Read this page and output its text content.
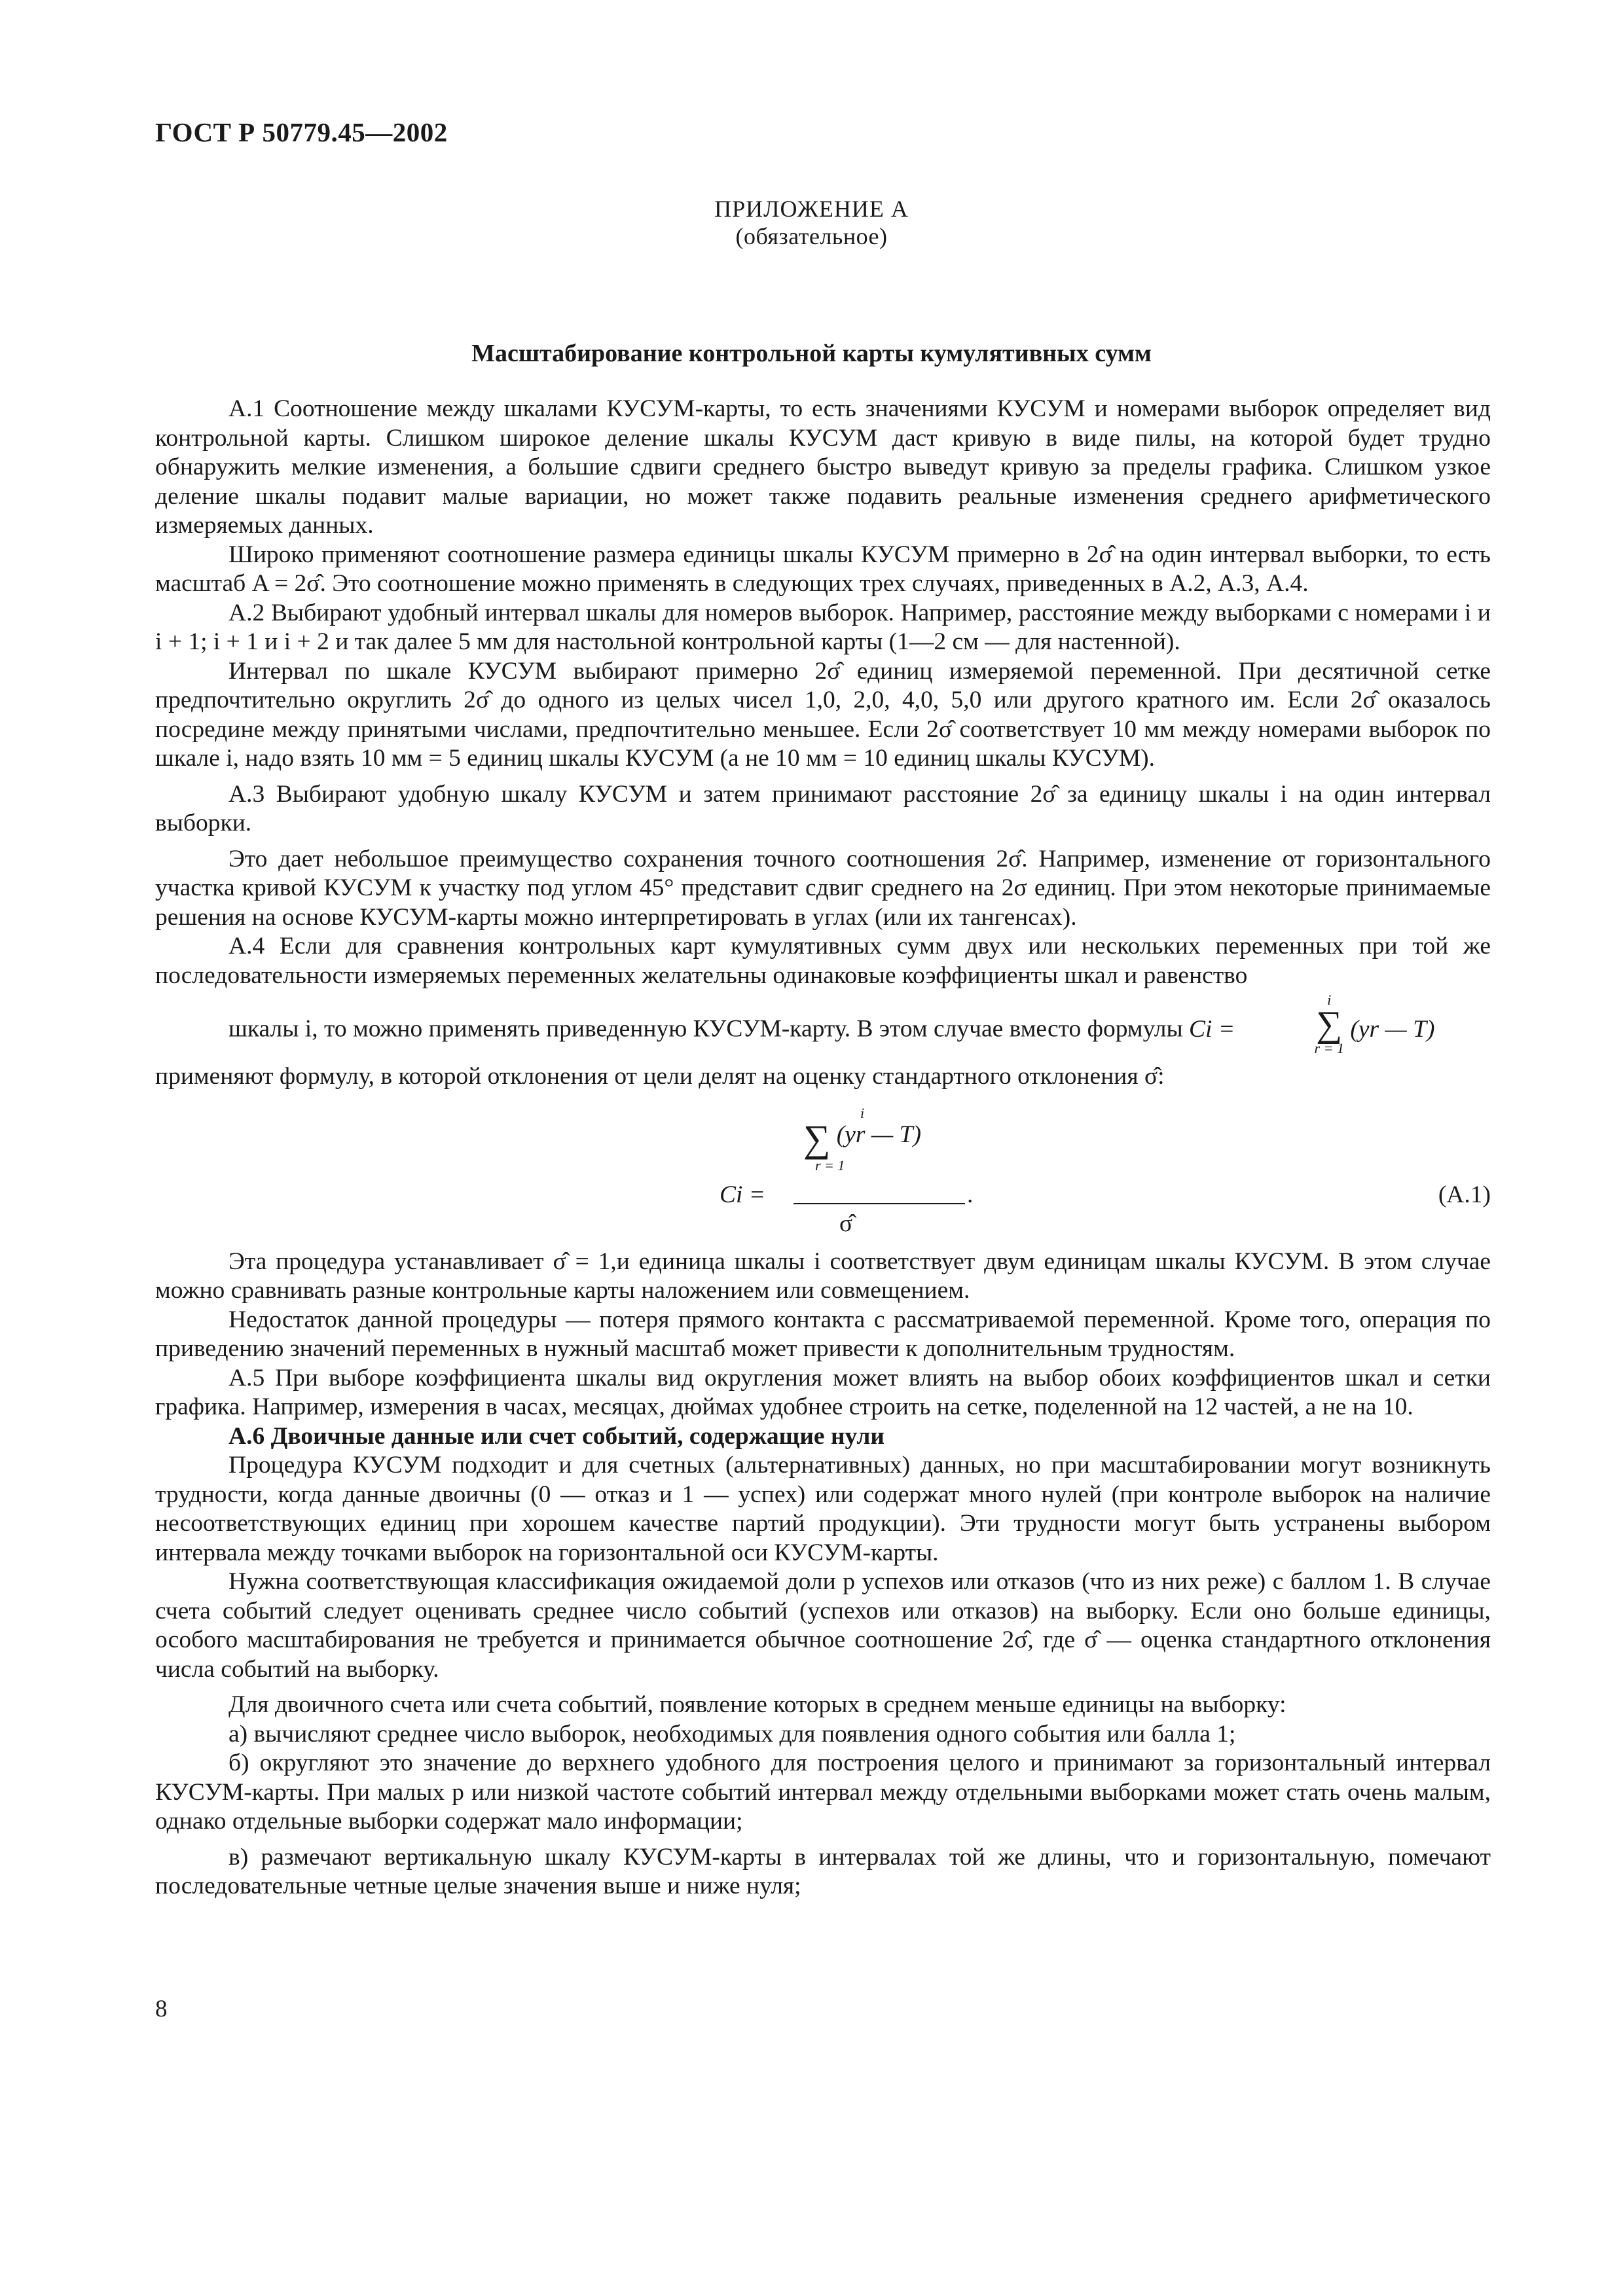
ГОСТ Р 50779.45—2002
ПРИЛОЖЕНИЕ А
(обязательное)
Масштабирование контрольной карты кумулятивных сумм

А.1 Соотношение между шкалами КУСУМ-карты, то есть значениями КУСУМ и номерами выборок определяет вид контрольной карты. Слишком широкое деление шкалы КУСУМ даст кривую в виде пилы, на которой будет трудно обнаружить мелкие изменения, а большие сдвиги среднего быстро выведут кривую за пределы графика. Слишком узкое деление шкалы подавит малые вариации, но может также подавить реальные изменения среднего арифметического измеряемых данных.

Широко применяют соотношение размера единицы шкалы КУСУМ примерно в 2σ̂ на один интервал выборки, то есть масштаб A = 2σ̂. Это соотношение можно применять в следующих трех случаях, приведенных в А.2, А.3, А.4.

А.2 Выбирают удобный интервал шкалы для номеров выборок. Например, расстояние между выборками с номерами i и i + 1; i + 1 и i + 2 и так далее 5 мм для настольной контрольной карты (1—2 см — для настенной).

Интервал по шкале КУСУМ выбирают примерно 2σ̂ единиц измеряемой переменной. При десятичной сетке предпочтительно округлить 2σ̂ до одного из целых чисел 1,0, 2,0, 4,0, 5,0 или другого кратного им. Если 2σ̂ оказалось посредине между принятыми числами, предпочтительно меньшее. Если 2σ̂ соответствует 10 мм между номерами выборок по шкале i, надо взять 10 мм = 5 единиц шкалы КУСУМ (а не 10 мм = 10 единиц шкалы КУСУМ).

А.3 Выбирают удобную шкалу КУСУМ и затем принимают расстояние 2σ̂ за единицу шкалы i на один интервал выборки.

Это дает небольшое преимущество сохранения точного соотношения 2σ̂. Например, изменение от горизонтального участка кривой КУСУМ к участку под углом 45° представит сдвиг среднего на 2σ единиц. При этом некоторые принимаемые решения на основе КУСУМ-карты можно интерпретировать в углах (или их тангенсах).

А.4 Если для сравнения контрольных карт кумулятивных сумм двух или нескольких переменных при той же последовательности измеряемых переменных желательны одинаковые коэффициенты шкал и равенство

шкалы i, то можно применять приведенную КУСУМ-карту. В этом случае вместо формулы Ci =
i
∑
r = 1
(yr — T)

применяют формулу, в которой отклонения от цели делят на оценку стандартного отклонения σ̂:

Ci =
i
∑ (yr — T)
r = 1
σ̂
.	(А.1)

Эта процедура устанавливает σ̂ = 1,и единица шкалы i соответствует двум единицам шкалы КУСУМ. В этом случае можно сравнивать разные контрольные карты наложением или совмещением.

Недостаток данной процедуры — потеря прямого контакта с рассматриваемой переменной. Кроме того, операция по приведению значений переменных в нужный масштаб может привести к дополнительным трудностям.

А.5 При выборе коэффициента шкалы вид округления может влиять на выбор обоих коэффициентов шкал и сетки графика. Например, измерения в часах, месяцах, дюймах удобнее строить на сетке, поделенной на 12 частей, а не на 10.

А.6 Двоичные данные или счет событий, содержащие нули

Процедура КУСУМ подходит и для счетных (альтернативных) данных, но при масштабировании могут возникнуть трудности, когда данные двоичны (0 — отказ и 1 — успех) или содержат много нулей (при контроле выборок на наличие несоответствующих единиц при хорошем качестве партий продукции). Эти трудности могут быть устранены выбором интервала между точками выборок на горизонтальной оси КУСУМ-карты.

Нужна соответствующая классификация ожидаемой доли p успехов или отказов (что из них реже) с баллом 1. В случае счета событий следует оценивать среднее число событий (успехов или отказов) на выборку. Если оно больше единицы, особого масштабирования не требуется и принимается обычное соотношение 2σ̂, где σ̂ — оценка стандартного отклонения числа событий на выборку.

Для двоичного счета или счета событий, появление которых в среднем меньше единицы на выборку:

а) вычисляют среднее число выборок, необходимых для появления одного события или балла 1;

б) округляют это значение до верхнего удобного для построения целого и принимают за горизонтальный интервал КУСУМ-карты. При малых p или низкой частоте событий интервал между отдельными выборками может стать очень малым, однако отдельные выборки содержат мало информации;

в) размечают вертикальную шкалу КУСУМ-карты в интервалах той же длины, что и горизонтальную, помечают последовательные четные целые значения выше и ниже нуля;

8
